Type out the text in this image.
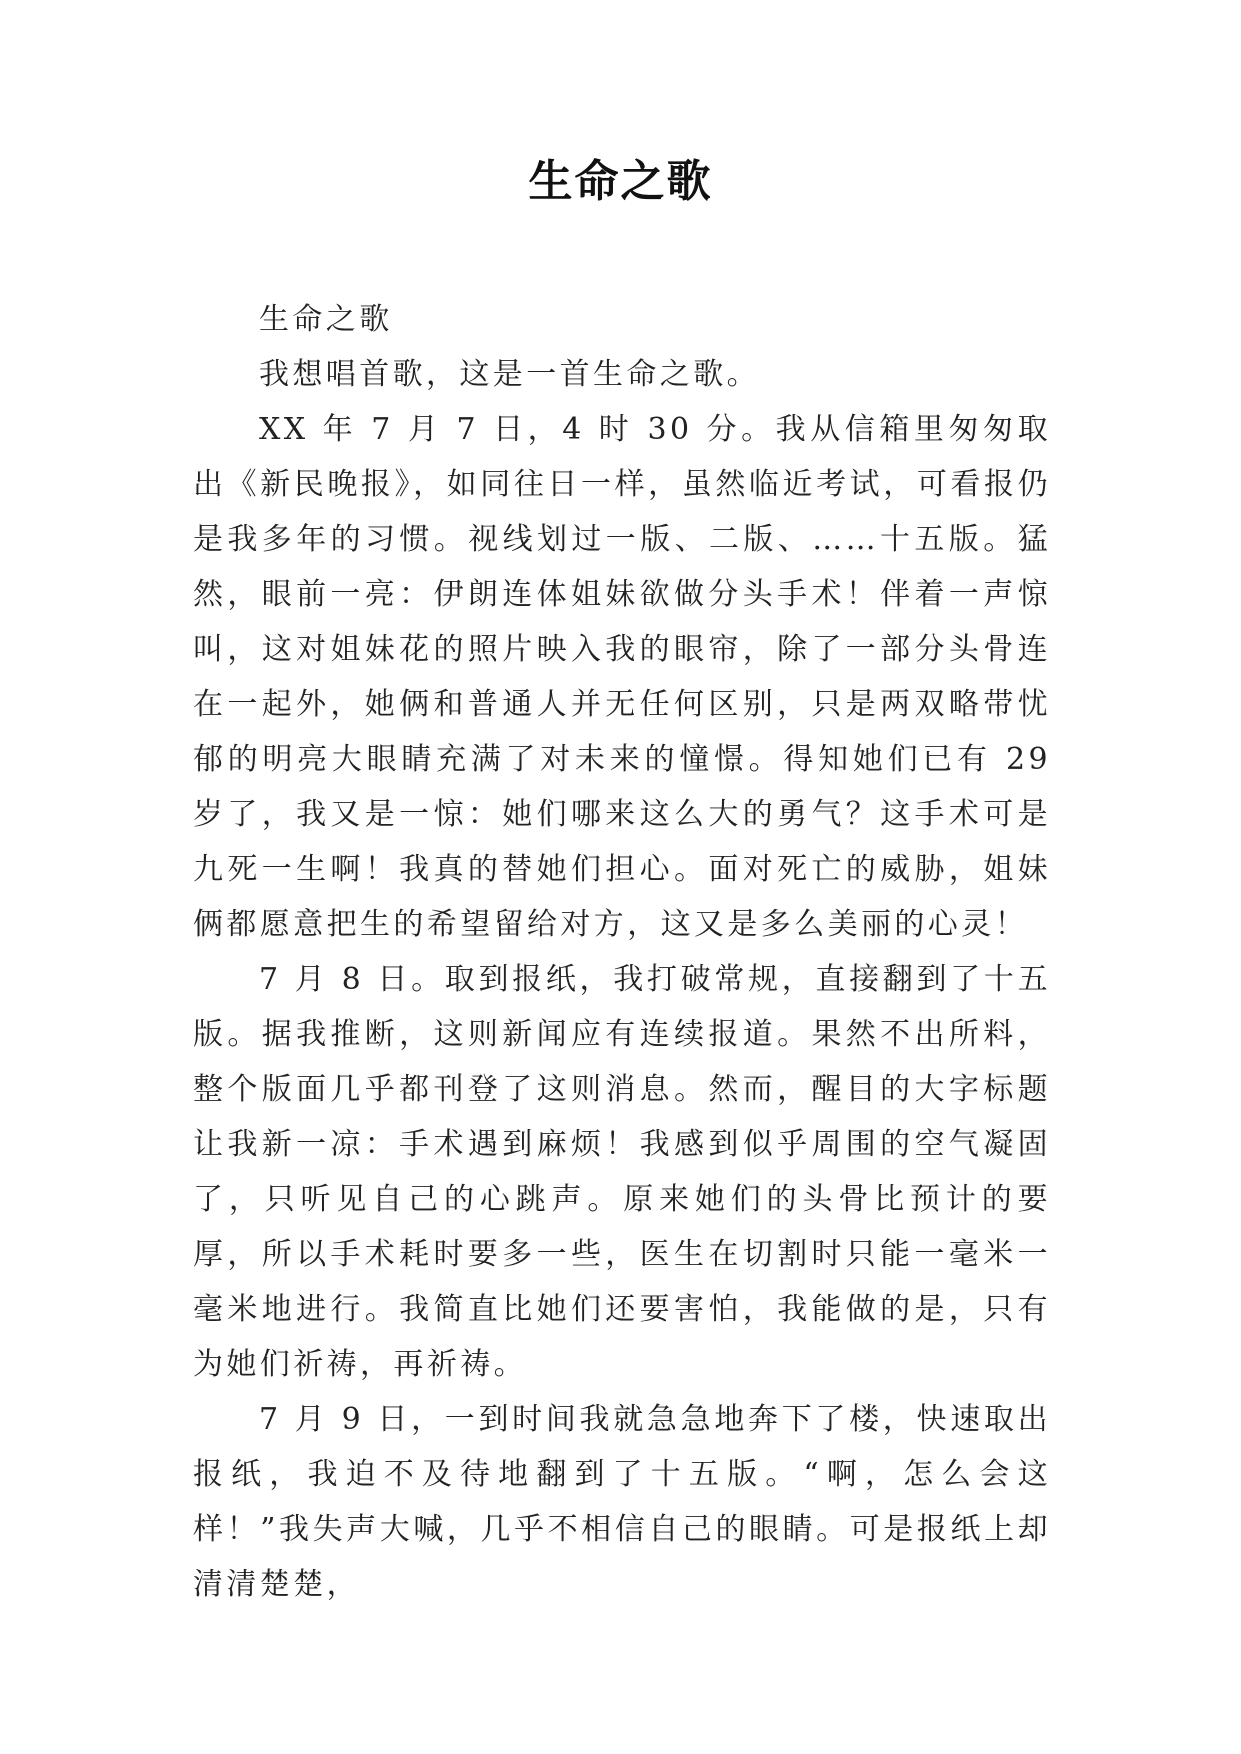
生命之歌

生命之歌

我想唱首歌，这是一首生命之歌。

XX 年 7 月 7 日，4 时 30 分。我从信箱里匆匆取出《新民晚报》，如同往日一样，虽然临近考试，可看报仍是我多年的习惯。视线划过一版、二版、……十五版。猛然，眼前一亮：伊朗连体姐妹欲做分头手术！伴着一声惊叫，这对姐妹花的照片映入我的眼帘，除了一部分头骨连在一起外，她俩和普通人并无任何区别，只是两双略带忧郁的明亮大眼睛充满了对未来的憧憬。得知她们已有 29 岁了，我又是一惊：她们哪来这么大的勇气？这手术可是九死一生啊！我真的替她们担心。面对死亡的威胁，姐妹俩都愿意把生的希望留给对方，这又是多么美丽的心灵！

7 月 8 日。取到报纸，我打破常规，直接翻到了十五版。据我推断，这则新闻应有连续报道。果然不出所料，整个版面几乎都刊登了这则消息。然而，醒目的大字标题让我新一凉：手术遇到麻烦！我感到似乎周围的空气凝固了，只听见自己的心跳声。原来她们的头骨比预计的要厚，所以手术耗时要多一些，医生在切割时只能一毫米一毫米地进行。我简直比她们还要害怕，我能做的是，只有为她们祈祷，再祈祷。

7 月 9 日，一到时间我就急急地奔下了楼，快速取出报纸，我迫不及待地翻到了十五版。“啊，怎么会这样！”我失声大喊，几乎不相信自己的眼睛。可是报纸上却清清楚楚，
